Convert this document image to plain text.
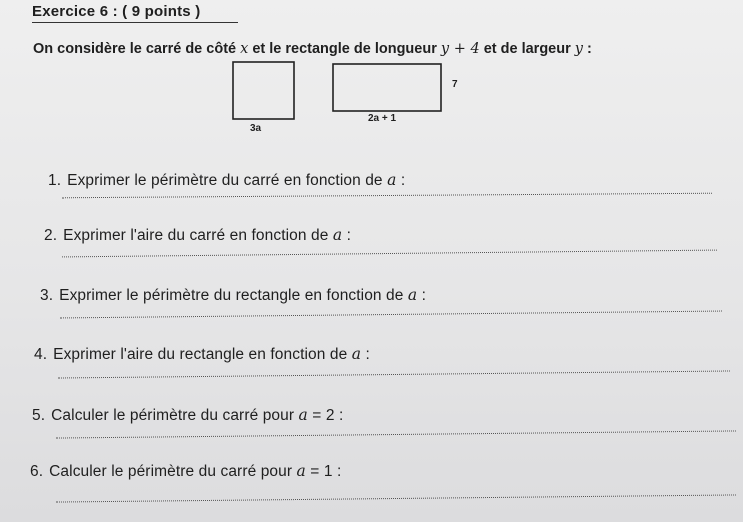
Exercice 6 : ( 9 points )
On considère le carré de côté x et le rectangle de longueur y + 4 et de largeur y :
3a
2a + 1
7
1. Exprimer le périmètre du carré en fonction de a :
2. Exprimer l'aire du carré en fonction de a :
3. Exprimer le périmètre du rectangle en fonction de a :
4. Exprimer l'aire du rectangle en fonction de a :
5. Calculer le périmètre du carré pour a = 2 :
6. Calculer le périmètre du carré pour a = 1 :
